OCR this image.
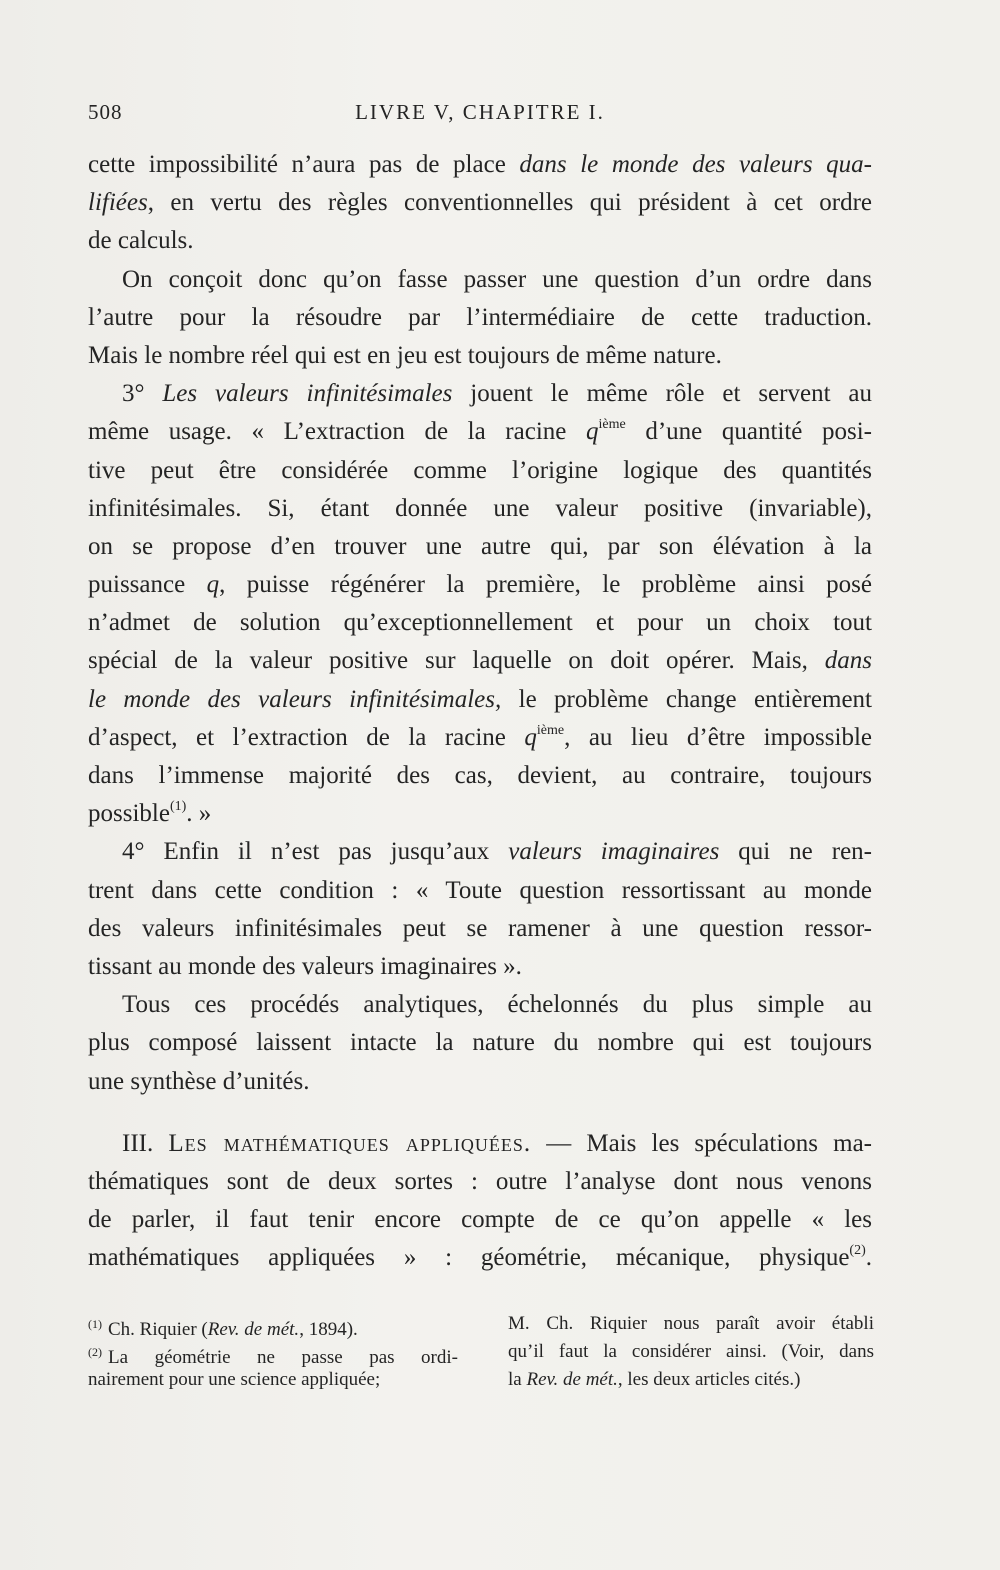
508	LIVRE V, CHAPITRE I.
cette impossibilité n’aura pas de place dans le monde des valeurs qua-
lifiées, en vertu des règles conventionnelles qui président à cet ordre
de calculs.
On conçoit donc qu’on fasse passer une question d’un ordre dans
l’autre pour la résoudre par l’intermédiaire de cette traduction.
Mais le nombre réel qui est en jeu est toujours de même nature.
3° Les valeurs infinitésimales jouent le même rôle et servent au
même usage. « L’extraction de la racine $q^{ième}$ d’une quantité posi-
tive peut être considérée comme l’origine logique des quantités
infinitésimales. Si, étant donnée une valeur positive (invariable),
on se propose d’en trouver une autre qui, par son élévation à la
puissance q, puisse régénérer la première, le problème ainsi posé
n’admet de solution qu’exceptionnellement et pour un choix tout
spécial de la valeur positive sur laquelle on doit opérer. Mais, dans
le monde des valeurs infinitésimales, le problème change entièrement
d’aspect, et l’extraction de la racine $q^{ième}$, au lieu d’être impossible
dans l’immense majorité des cas, devient, au contraire, toujours
possible$^{(1)}$. »
4° Enfin il n’est pas jusqu’aux valeurs imaginaires qui ne ren-
trent dans cette condition : « Toute question ressortissant au monde
des valeurs infinitésimales peut se ramener à une question ressor-
tissant au monde des valeurs imaginaires ».
Tous ces procédés analytiques, échelonnés du plus simple au
plus composé laissent intacte la nature du nombre qui est toujours
une synthèse d’unités.
III. Les mathématiques appliquées. — Mais les spéculations ma-
thématiques sont de deux sortes : outre l’analyse dont nous venons
de parler, il faut tenir encore compte de ce qu’on appelle « les
mathématiques appliquées » : géométrie, mécanique, physique$^{(2)}$.
$^{(1)}$ Ch. Riquier (Rev. de mét., 1894).
$^{(2)}$ La géométrie ne passe pas ordi-
nairement pour une science appliquée;
M. Ch. Riquier nous paraît avoir établi
qu’il faut la considérer ainsi. (Voir, dans
la Rev. de mét., les deux articles cités.)
